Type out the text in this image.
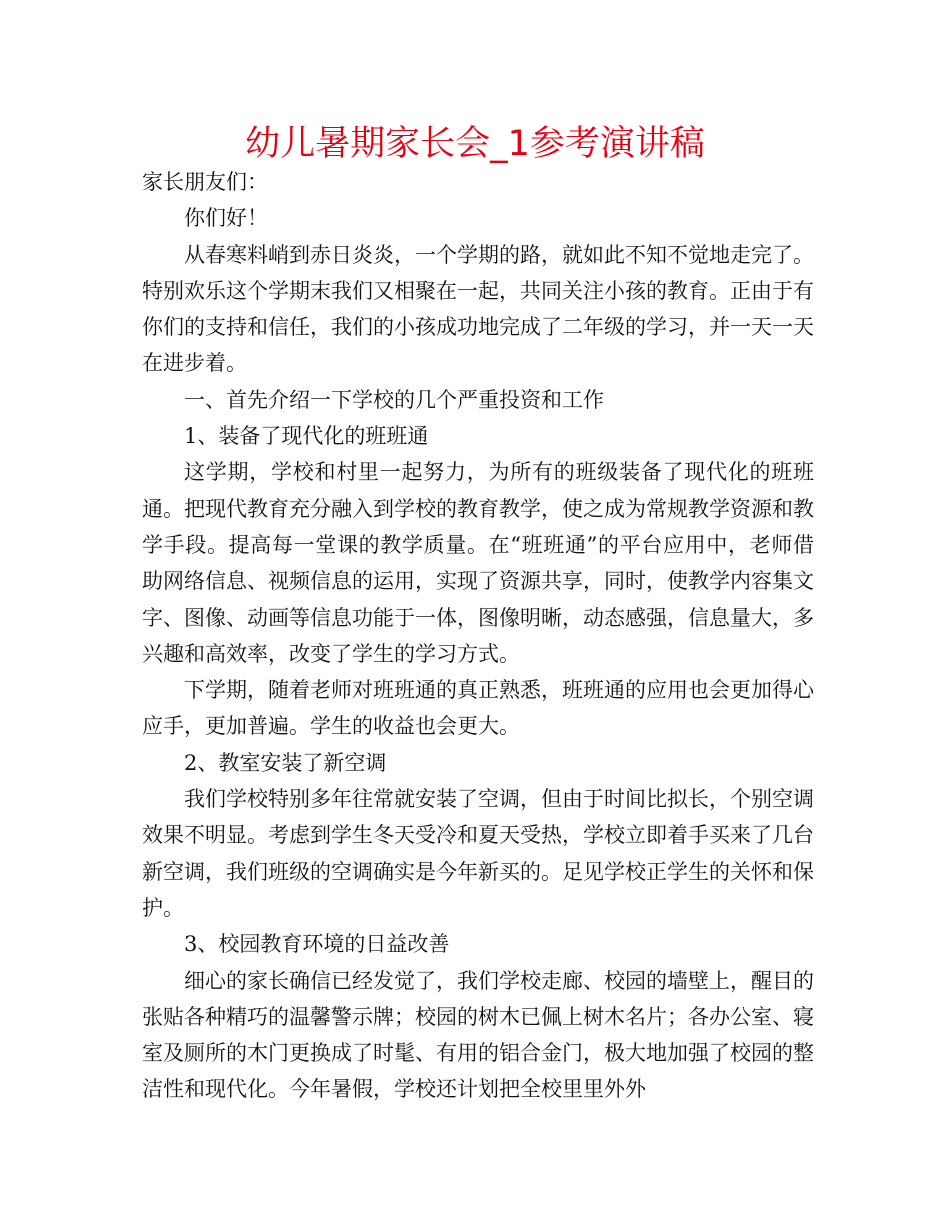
幼儿暑期家长会_1参考演讲稿

家长朋友们：

你们好！

从春寒料峭到赤日炎炎，一个学期的路，就如此不知不觉地走完了。特别欢乐这个学期末我们又相聚在一起，共同关注小孩的教育。正由于有你们的支持和信任，我们的小孩成功地完成了二年级的学习，并一天一天在进步着。

一、首先介绍一下学校的几个严重投资和工作

1、装备了现代化的班班通

这学期，学校和村里一起努力，为所有的班级装备了现代化的班班通。把现代教育充分融入到学校的教育教学，使之成为常规教学资源和教学手段。提高每一堂课的教学质量。在“班班通”的平台应用中，老师借助网络信息、视频信息的运用，实现了资源共享，同时，使教学内容集文字、图像、动画等信息功能于一体，图像明晰，动态感强，信息量大，多兴趣和高效率，改变了学生的学习方式。

下学期，随着老师对班班通的真正熟悉，班班通的应用也会更加得心应手，更加普遍。学生的收益也会更大。

2、教室安装了新空调

我们学校特别多年往常就安装了空调，但由于时间比拟长，个别空调效果不明显。考虑到学生冬天受冷和夏天受热，学校立即着手买来了几台新空调，我们班级的空调确实是今年新买的。足见学校正学生的关怀和保护。

3、校园教育环境的日益改善

细心的家长确信已经发觉了，我们学校走廊、校园的墙壁上，醒目的张贴各种精巧的温馨警示牌；校园的树木已佩上树木名片；各办公室、寝室及厕所的木门更换成了时髦、有用的铝合金门，极大地加强了校园的整洁性和现代化。今年暑假，学校还计划把全校里里外外
